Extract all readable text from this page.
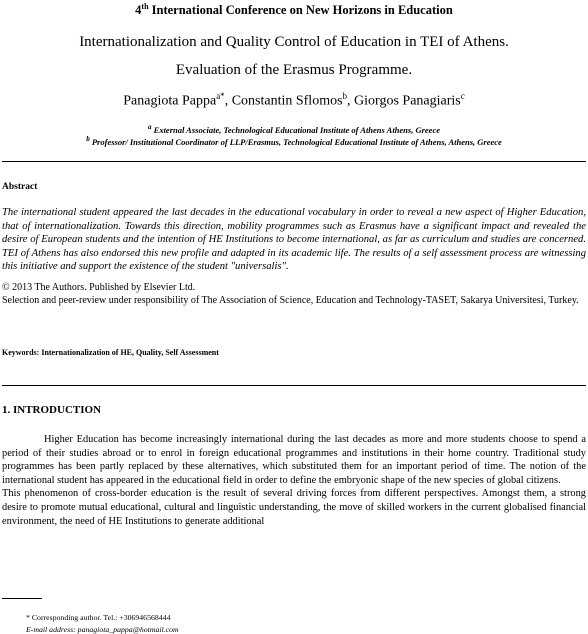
4th International Conference on New Horizons in Education
Internationalization and Quality Control of Education in TEI of Athens.
Evaluation of the Erasmus Programme.
Panagiota Pappa$^{a*}$, Constantin Sflomos$^b$, Giorgos Panagiaris$^c$
$^a$ External Associate, Technological Educational Institute of Athens Athens, Greece
$^b$ Professor/ Institutional Coordinator of LLP/Erasmus, Technological Educational Institute of Athens, Athens, Greece
Abstract
The international student appeared the last decades in the educational vocabulary in order to reveal a new aspect of Higher Education, that of internationalization. Towards this direction, mobility programmes such as Erasmus have a significant impact and revealed the desire of European students and the intention of HE Institutions to become international, as far as curriculum and studies are concerned. TEI of Athens has also endorsed this new profile and adapted in its academic life. The results of a self assessment process are witnessing this initiative and support the existence of the student "universalis".
© 2013 The Authors. Published by Elsevier Ltd.
Selection and peer-review under responsibility of The Association of Science, Education and Technology-TASET, Sakarya Universitesi, Turkey.
Keywords: Internationalization of HE, Quality, Self Assessment
1. INTRODUCTION

Higher Education has become increasingly international during the last decades as more and more students choose to spend a period of their studies abroad or to enrol in foreign educational programmes and institutions in their home country. Traditional study programmes has been partly replaced by these alternatives, which substituted them for an important period of time. The notion of the international student has appeared in the educational field in order to define the embryonic shape of the new species of global citizens.

This phenomenon of cross-border education is the result of several driving forces from different perspectives. Amongst them, a strong desire to promote mutual educational, cultural and linguistic understanding, the move of skilled workers in the current globalised financial environment, the need of HE Institutions to generate additional

* Corresponding author. Tel.: +306946568444
E-mail address: panagiota_pappa@hotmail.com
